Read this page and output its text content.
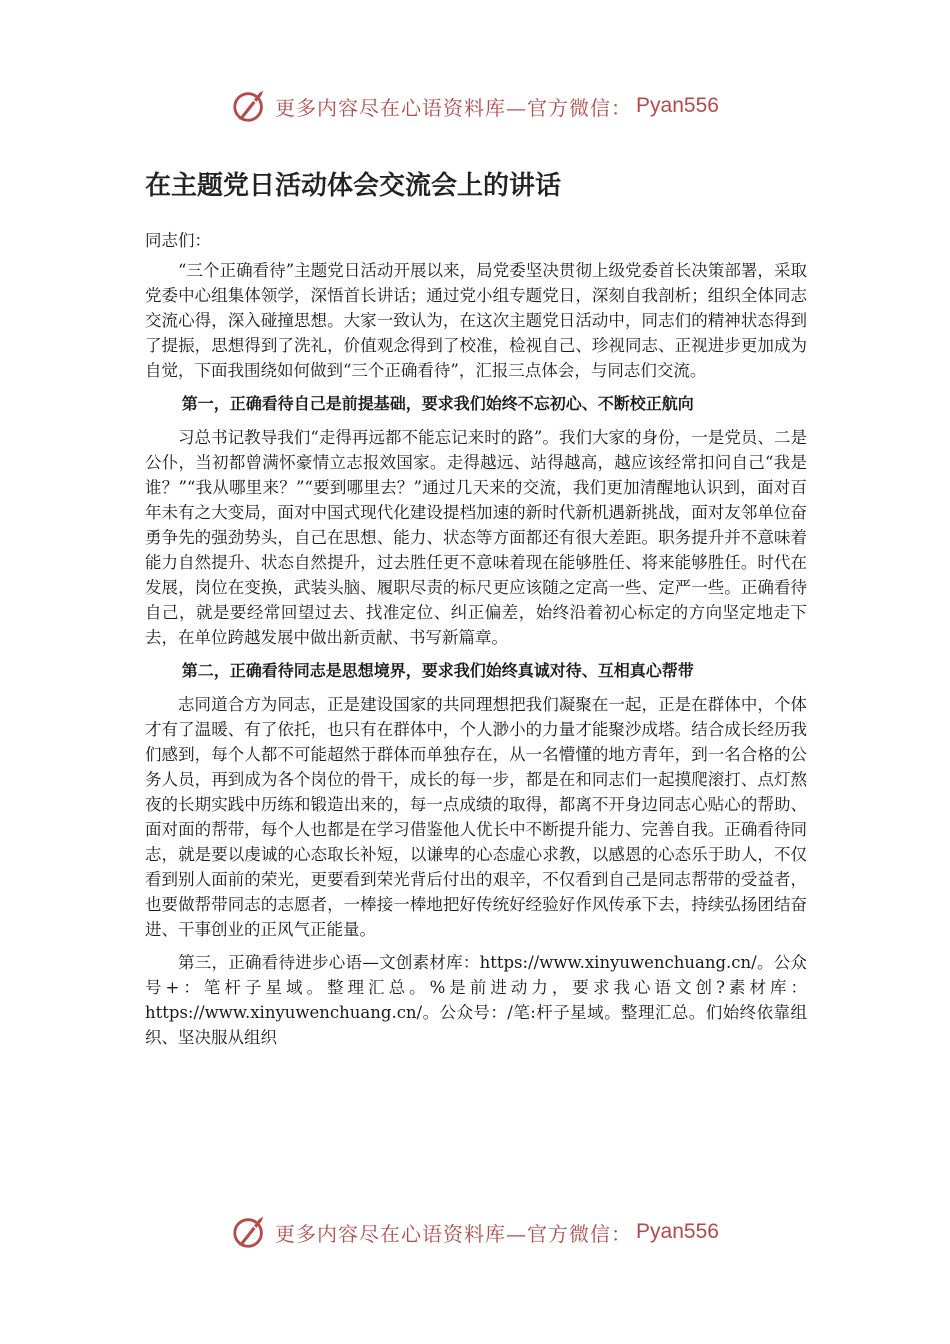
更多内容尽在心语资料库—官方微信： Pyan556
在主题党日活动体会交流会上的讲话

同志们：

“三个正确看待”主题党日活动开展以来，局党委坚决贯彻上级党委首长决策部署，采取党委中心组集体领学，深悟首长讲话；通过党小组专题党日，深刻自我剖析；组织全体同志交流心得，深入碰撞思想。大家一致认为，在这次主题党日活动中，同志们的精神状态得到了提振，思想得到了洗礼，价值观念得到了校准，检视自己、珍视同志、正视进步更加成为自觉，下面我围绕如何做到“三个正确看待”，汇报三点体会，与同志们交流。

第一，正确看待自己是前提基础，要求我们始终不忘初心、不断校正航向

习总书记教导我们“走得再远都不能忘记来时的路”。我们大家的身份，一是党员、二是公仆，当初都曾满怀豪情立志报效国家。走得越远、站得越高，越应该经常扣问自己“我是谁？”“我从哪里来？”“要到哪里去？”通过几天来的交流，我们更加清醒地认识到，面对百年未有之大变局，面对中国式现代化建设提档加速的新时代新机遇新挑战，面对友邻单位奋勇争先的强劲势头，自己在思想、能力、状态等方面都还有很大差距。职务提升并不意味着能力自然提升、状态自然提升，过去胜任更不意味着现在能够胜任、将来能够胜任。时代在发展，岗位在变换，武装头脑、履职尽责的标尺更应该随之定高一些、定严一些。正确看待自己，就是要经常回望过去、找准定位、纠正偏差，始终沿着初心标定的方向坚定地走下去，在单位跨越发展中做出新贡献、书写新篇章。

第二，正确看待同志是思想境界，要求我们始终真诚对待、互相真心帮带

志同道合方为同志，正是建设国家的共同理想把我们凝聚在一起，正是在群体中，个体才有了温暖、有了依托，也只有在群体中，个人渺小的力量才能聚沙成塔。结合成长经历我们感到，每个人都不可能超然于群体而单独存在，从一名懵懂的地方青年，到一名合格的公务人员，再到成为各个岗位的骨干，成长的每一步，都是在和同志们一起摸爬滚打、点灯熬夜的长期实践中历练和锻造出来的，每一点成绩的取得，都离不开身边同志心贴心的帮助、面对面的帮带，每个人也都是在学习借鉴他人优长中不断提升能力、完善自我。正确看待同志，就是要以虔诚的心态取长补短，以谦卑的心态虚心求教，以感恩的心态乐于助人，不仅看到别人面前的荣光，更要看到荣光背后付出的艰辛，不仅看到自己是同志帮带的受益者，也要做帮带同志的志愿者，一棒接一棒地把好传统好经验好作风传承下去，持续弘扬团结奋进、干事创业的正风气正能量。

第三，正确看待进步心语—文创素材库：https://www.xinyuwenchuang.cn/。公众号+：笔杆子星域。整理汇总。%是前进动力，要求我心语文创?素材库：https://www.xinyuwenchuang.cn/。公众号：/笔:杆子星域。整理汇总。们始终依靠组织、坚决服从组织

更多内容尽在心语资料库—官方微信： Pyan556
